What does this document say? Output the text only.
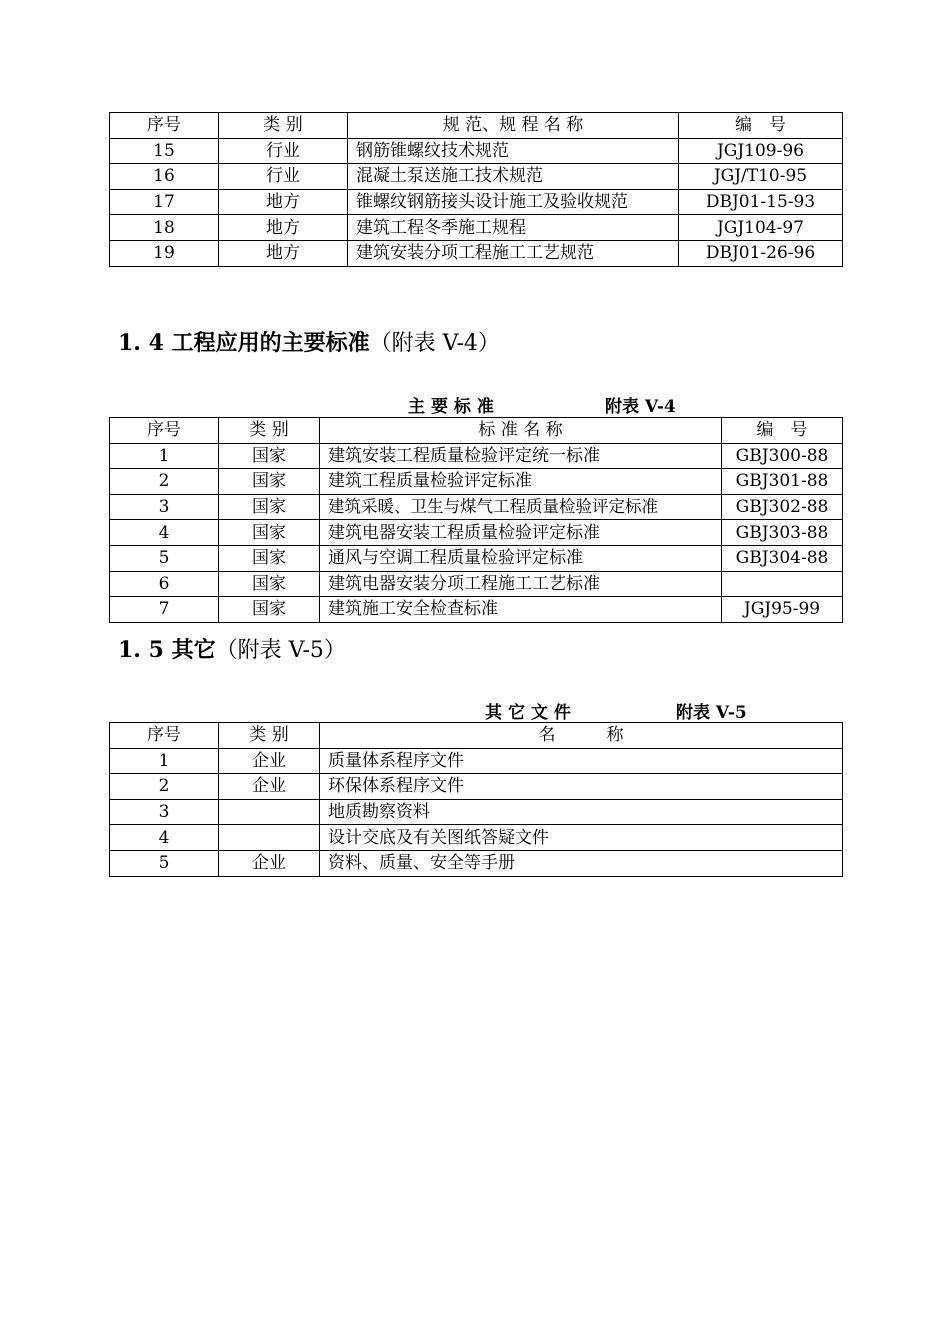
序号	类 别	规 范、规 程 名 称	编　号
15	行业	钢筋锥螺纹技术规范	JGJ109-96
16	行业	混凝土泵送施工技术规范	JGJ/T10-95
17	地方	锥螺纹钢筋接头设计施工及验收规范	DBJ01-15-93
18	地方	建筑工程冬季施工规程	JGJ104-97
19	地方	建筑安装分项工程施工工艺规范	DBJ01-26-96
1. 4 工程应用的主要标准（附表 V-4）
主要标准	附表 V-4
序号	类 别	标 准 名 称	编　号
1	国家	建筑安装工程质量检验评定统一标准	GBJ300-88
2	国家	建筑工程质量检验评定标准	GBJ301-88
3	国家	建筑采暖、卫生与煤气工程质量检验评定标准	GBJ302-88
4	国家	建筑电器安装工程质量检验评定标准	GBJ303-88
5	国家	通风与空调工程质量检验评定标准	GBJ304-88
6	国家	建筑电器安装分项工程施工工艺标准	
7	国家	建筑施工安全检查标准	JGJ95-99
1. 5 其它（附表 V-5）
其它文件	附表 V-5
序号	类 别	名　　　称
1	企业	质量体系程序文件
2	企业	环保体系程序文件
3		地质勘察资料
4		设计交底及有关图纸答疑文件
5	企业	资料、质量、安全等手册
